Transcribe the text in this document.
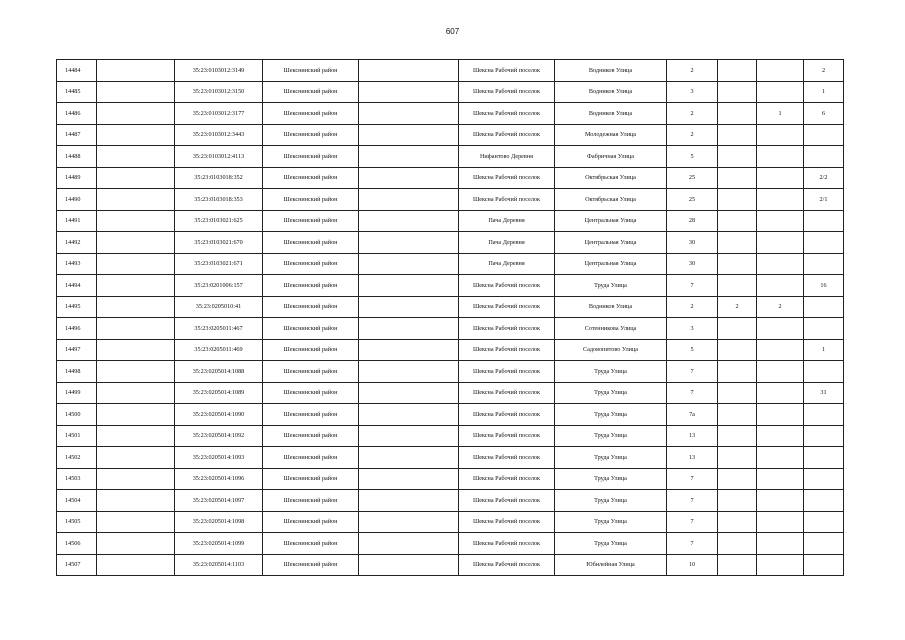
607
14484		35:23:0103012:3149	Шекснинский район		Шексна Рабочий поселок	Водников Улица	2			2
14485		35:23:0103012:3150	Шекснинский район		Шексна Рабочий поселок	Водников Улица	3			1
14486		35:23:0103012:3177	Шекснинский район		Шексна Рабочий поселок	Водников Улица	2		1	6
14487		35:23:0103012:3443	Шекснинский район		Шексна Рабочий поселок	Молодежная Улица	2			
14488		35:23:0103012:4113	Шекснинский район		Нифантово Деревня	Фабричная Улица	5			
14489		35:23:0103018:352	Шекснинский район		Шексна Рабочий поселок	Октябрьская Улица	25			2/2
14490		35:23:0103018:353	Шекснинский район		Шексна Рабочий поселок	Октябрьская Улица	25			2/1
14491		35:23:0103021:625	Шекснинский район		Пача Деревня	Центральная Улица	28			
14492		35:23:0103021:670	Шекснинский район		Пача Деревня	Центральная Улица	30			
14493		35:23:0103021:671	Шекснинский район		Пача Деревня	Центральная Улица	30			
14494		35:23:0201006:157	Шекснинский район		Шексна Рабочий поселок	Труда Улица	7			16
14495		35:23:0205010:41	Шекснинский район		Шексна Рабочий поселок	Водников Улица	2	2	2	
14496		35:23:0205011:467	Шекснинский район		Шексна Рабочий поселок	Сотенникова Улица	3			
14497		35:23:0205011:469	Шекснинский район		Шексна Рабочий поселок	Садовопитово Улица	5			1
14498		35:23:0205014:1088	Шекснинский район		Шексна Рабочий поселок	Труда Улица	7			
14499		35:23:0205014:1089	Шекснинский район		Шексна Рабочий поселок	Труда Улица	7			31
14500		35:23:0205014:1090	Шекснинский район		Шексна Рабочий поселок	Труда Улица	7а			
14501		35:23:0205014:1092	Шекснинский район		Шексна Рабочий поселок	Труда Улица	13			
14502		35:23:0205014:1093	Шекснинский район		Шексна Рабочий поселок	Труда Улица	13			
14503		35:23:0205014:1096	Шекснинский район		Шексна Рабочий поселок	Труда Улица	7			
14504		35:23:0205014:1097	Шекснинский район		Шексна Рабочий поселок	Труда Улица	7			
14505		35:23:0205014:1098	Шекснинский район		Шексна Рабочий поселок	Труда Улица	7			
14506		35:23:0205014:1099	Шекснинский район		Шексна Рабочий поселок	Труда Улица	7			
14507		35:23:0205014:1103	Шекснинский район		Шексна Рабочий поселок	Юбилейная Улица	10			
